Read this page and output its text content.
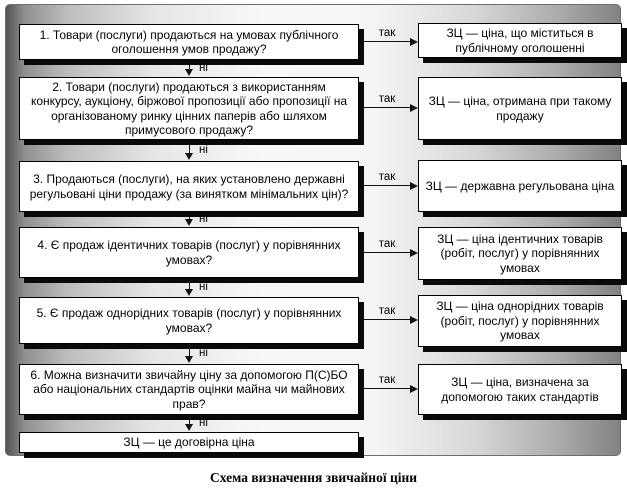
1. Товари (послуги) продаються на умовах публічного оголошення умов продажу?
2. Товари (послуги) продаються з використанням конкурсу, аукціону, біржової пропозиції або пропозиції на організованому ринку цінних паперів або шляхом примусового продажу?
3. Продаються (послуги), на яких установлено державні регульовані ціни продажу (за винятком мінімальних цін)?
4. Є продаж ідентичних товарів (послуг) у порівнянних умовах?
5. Є продаж однорідних товарів (послуг) у порівнянних умовах?
6. Можна визначити звичайну ціну за допомогою П(С)БО або національних стандартів оцінки майна чи майнових прав?
ЗЦ — це договірна ціна
ЗЦ — ціна, що міститься в публічному оголошенні
ЗЦ — ціна, отримана при такому продажу
ЗЦ — державна регульована ціна
ЗЦ — ціна ідентичних товарів (робіт, послуг) у порівнянних умовах
ЗЦ — ціна однорідних товарів (робіт, послуг) у порівнянних умовах
ЗЦ — ціна, визначена за допомогою таких стандартів
так
так
так
так
так
так
ні
ні
ні
ні
ні
ні
Схема визначення звичайної ціни
